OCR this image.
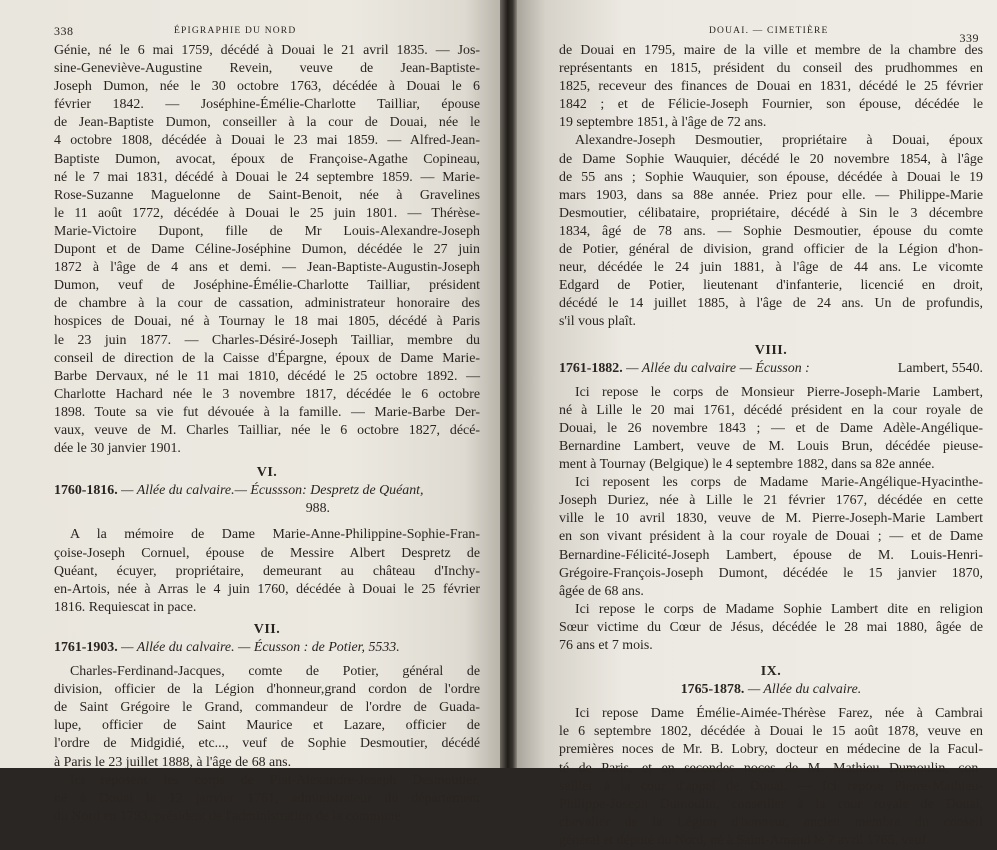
338	ÉPIGRAPHIE DU NORD
Génie, né le 6 mai 1759, décédé à Douai le 21 avril 1835. — Jos-
sine-Geneviève-Augustine Revein, veuve de Jean-Baptiste-
Joseph Dumon, née le 30 octobre 1763, décédée à Douai le 6
février 1842. — Joséphine-Émélie-Charlotte Tailliar, épouse
de Jean-Baptiste Dumon, conseiller à la cour de Douai, née le
4 octobre 1808, décédée à Douai le 23 mai 1859. — Alfred-Jean-
Baptiste Dumon, avocat, époux de Françoise-Agathe Copineau,
né le 7 mai 1831, décédé à Douai le 24 septembre 1859. — Marie-
Rose-Suzanne Maguelonne de Saint-Benoit, née à Gravelines
le 11 août 1772, décédée à Douai le 25 juin 1801. — Thérèse-
Marie-Victoire Dupont, fille de Mr Louis-Alexandre-Joseph
Dupont et de Dame Céline-Joséphine Dumon, décédée le 27 juin
1872 à l'âge de 4 ans et demi. — Jean-Baptiste-Augustin-Joseph
Dumon, veuf de Joséphine-Émélie-Charlotte Tailliar, président
de chambre à la cour de cassation, administrateur honoraire des
hospices de Douai, né à Tournay le 18 mai 1805, décédé à Paris
le 23 juin 1877. — Charles-Désiré-Joseph Tailliar, membre du
conseil de direction de la Caisse d'Épargne, époux de Dame Marie-
Barbe Dervaux, né le 11 mai 1810, décédé le 25 octobre 1892. —
Charlotte Hachard née le 3 novembre 1817, décédée le 6 octobre
1898. Toute sa vie fut dévouée à la famille. — Marie-Barbe Der-
vaux, veuve de M. Charles Tailliar, née le 6 octobre 1827, décé-
dée le 30 janvier 1901.
VI.
1760-1816. — Allée du calvaire.— Écussson: Despretz de Quéant,
988.
A la mémoire de Dame Marie-Anne-Philippine-Sophie-Fran-
çoise-Joseph Cornuel, épouse de Messire Albert Despretz de
Quéant, écuyer, propriétaire, demeurant au château d'Inchy-
en-Artois, née à Arras le 4 juin 1760, décédée à Douai le 25 février
1816. Requiescat in pace.
VII.
1761-1903. — Allée du calvaire. — Écusson : de Potier, 5533.
Charles-Ferdinand-Jacques, comte de Potier, général de
division, officier de la Légion d'honneur,grand cordon de l'ordre
de Saint Grégoire le Grand, commandeur de l'ordre de Guada-
lupe, officier de Saint Maurice et Lazare, officier de
l'ordre de Midgidié, etc..., veuf de Sophie Desmoutier, décédé
à Paris le 23 juillet 1888, à l'âge de 68 ans.
Ici reposent les corps de Piat-Alexandre-Joseph Desmoutier,
né à Douai le 12 janvier 1761, administrateur du département
du Nord en 1793, président de l'administration de la commune
DOUAI. — CIMETIÈRE	339
de Douai en 1795, maire de la ville et membre de la chambre des
représentants en 1815, président du conseil des prudhommes en
1825, receveur des finances de Douai en 1831, décédé le 25 février
1842 ; et de Félicie-Joseph Fournier, son épouse, décédée le
19 septembre 1851, à l'âge de 72 ans.
Alexandre-Joseph Desmoutier, propriétaire à Douai, époux
de Dame Sophie Wauquier, décédé le 20 novembre 1854, à l'âge
de 55 ans ; Sophie Wauquier, son épouse, décédée à Douai le 19
mars 1903, dans sa 88e année. Priez pour elle. — Philippe-Marie
Desmoutier, célibataire, propriétaire, décédé à Sin le 3 décembre
1834, âgé de 78 ans. — Sophie Desmoutier, épouse du comte
de Potier, général de division, grand officier de la Légion d'hon-
neur, décédée le 24 juin 1881, à l'âge de 44 ans. Le vicomte
Edgard de Potier, lieutenant d'infanterie, licencié en droit,
décédé le 14 juillet 1885, à l'âge de 24 ans. Un de profundis,
s'il vous plaît.
VIII.
1761-1882. — Allée du calvaire — Écusson :	Lambert, 5540.
Ici repose le corps de Monsieur Pierre-Joseph-Marie Lambert,
né à Lille le 20 mai 1761, décédé président en la cour royale de
Douai, le 26 novembre 1843 ; — et de Dame Adèle-Angélique-
Bernardine Lambert, veuve de M. Louis Brun, décédée pieuse-
ment à Tournay (Belgique) le 4 septembre 1882, dans sa 82e année.
Ici reposent les corps de Madame Marie-Angélique-Hyacinthe-
Joseph Duriez, née à Lille le 21 février 1767, décédée en cette
ville le 10 avril 1830, veuve de M. Pierre-Joseph-Marie Lambert
en son vivant président à la cour royale de Douai ; — et de Dame
Bernardine-Félicité-Joseph Lambert, épouse de M. Louis-Henri-
Grégoire-François-Joseph Dumont, décédée le 15 janvier 1870,
âgée de 68 ans.
Ici repose le corps de Madame Sophie Lambert dite en religion
Sœur victime du Cœur de Jésus, décédée le 28 mai 1880, âgée de
76 ans et 7 mois.
IX.
1765-1878. — Allée du calvaire.
Ici repose Dame Émélie-Aimée-Thérèse Farez, née à Cambrai
le 6 septembre 1802, décédée à Douai le 15 août 1878, veuve en
premières noces de Mr. B. Lobry, docteur en médecine de la Facul-
té de Paris, et en secondes noces de M. Mathieu Dumoulin, con-
seiller à la cour d'appel de Douai. — Ici repose Pierre-Mathieu-
Philippe-Joseph Dumoulin, conseiller à la cour royale de Douai,
chevalier de la Légion d'honneur, ancien membre du conseil
général et député du Nord, né à Saint-Amand le 7 avril 1765, veuf
